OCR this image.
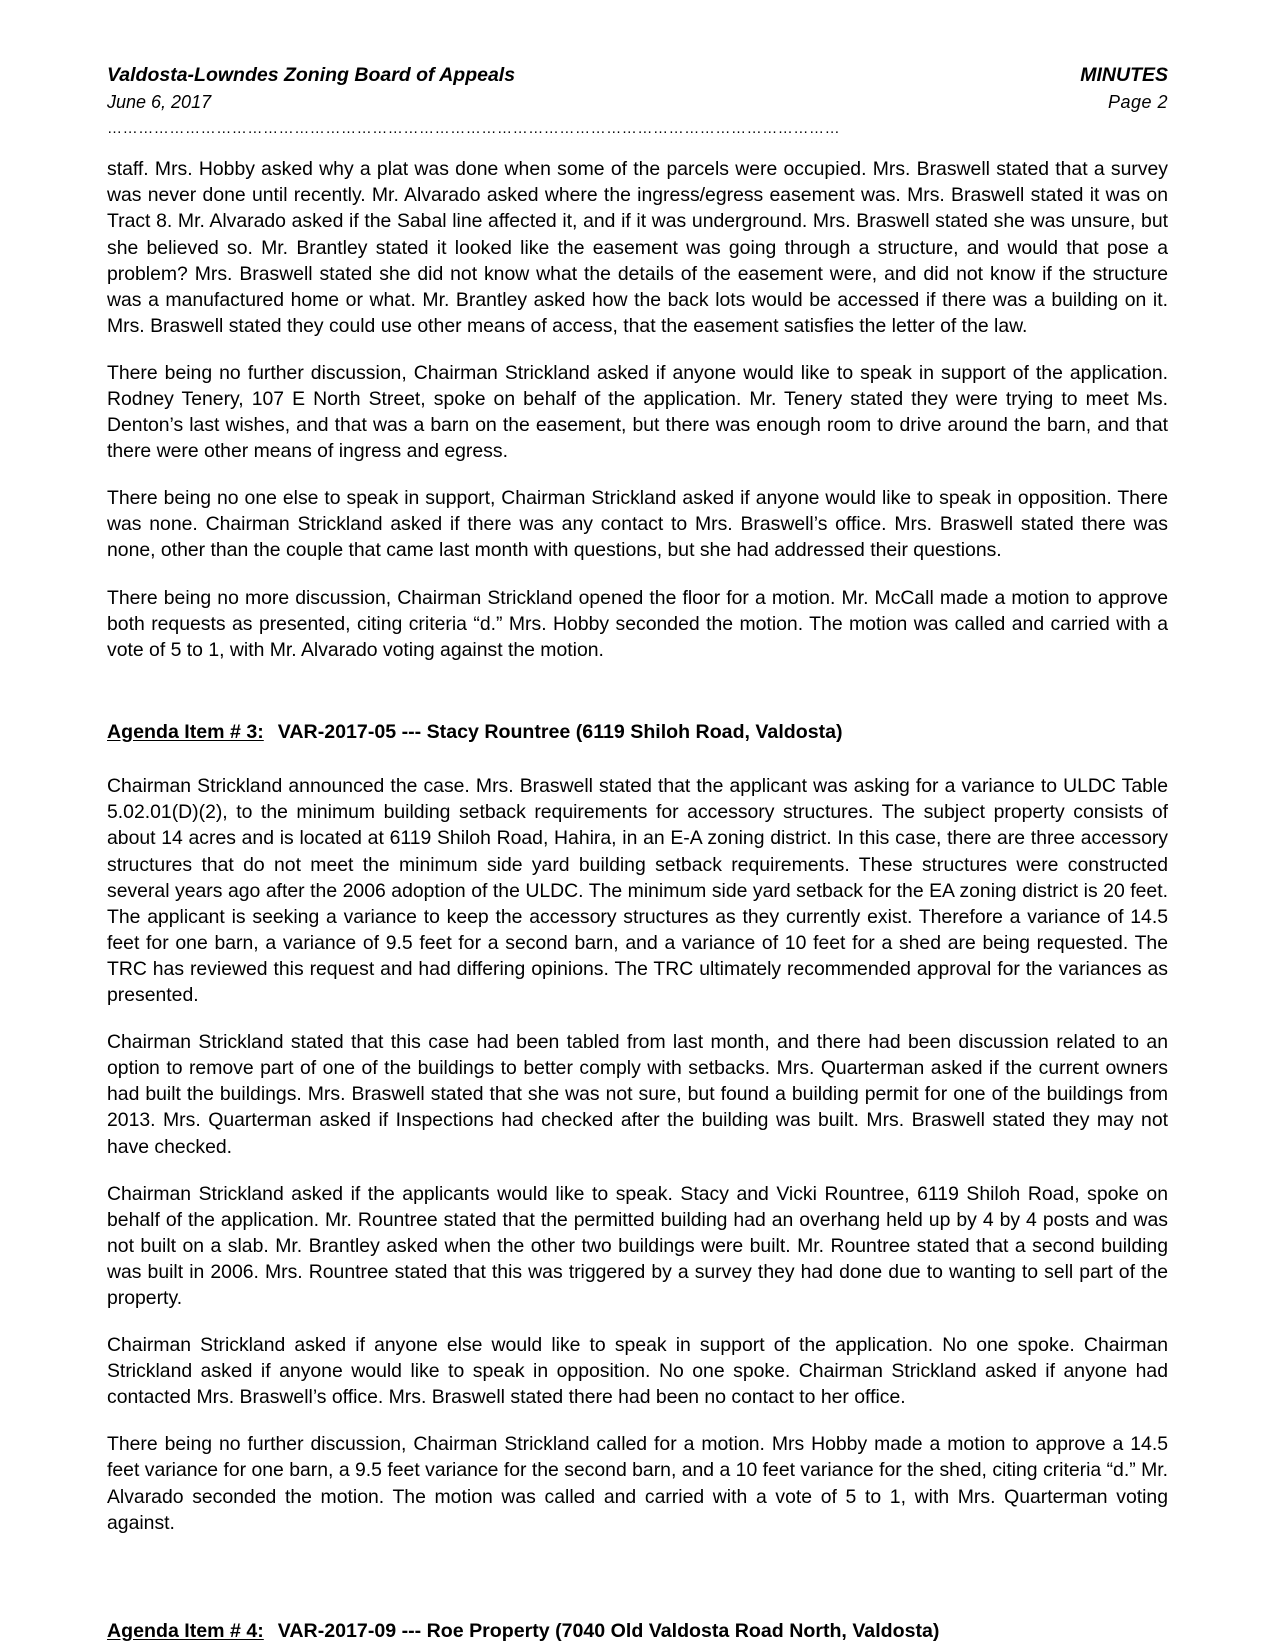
Valdosta-Lowndes Zoning Board of Appeals
June 6, 2017
MINUTES
Page 2
……………………………………………………………………………………………………………………………

staff. Mrs. Hobby asked why a plat was done when some of the parcels were occupied. Mrs. Braswell stated that a survey was never done until recently. Mr. Alvarado asked where the ingress/egress easement was. Mrs. Braswell stated it was on Tract 8. Mr. Alvarado asked if the Sabal line affected it, and if it was underground. Mrs. Braswell stated she was unsure, but she believed so. Mr. Brantley stated it looked like the easement was going through a structure, and would that pose a problem? Mrs. Braswell stated she did not know what the details of the easement were, and did not know if the structure was a manufactured home or what. Mr. Brantley asked how the back lots would be accessed if there was a building on it. Mrs. Braswell stated they could use other means of access, that the easement satisfies the letter of the law.

There being no further discussion, Chairman Strickland asked if anyone would like to speak in support of the application. Rodney Tenery, 107 E North Street, spoke on behalf of the application. Mr. Tenery stated they were trying to meet Ms. Denton’s last wishes, and that was a barn on the easement, but there was enough room to drive around the barn, and that there were other means of ingress and egress.

There being no one else to speak in support, Chairman Strickland asked if anyone would like to speak in opposition. There was none. Chairman Strickland asked if there was any contact to Mrs. Braswell’s office. Mrs. Braswell stated there was none, other than the couple that came last month with questions, but she had addressed their questions.

There being no more discussion, Chairman Strickland opened the floor for a motion. Mr. McCall made a motion to approve both requests as presented, citing criteria “d.” Mrs. Hobby seconded the motion. The motion was called and carried with a vote of 5 to 1, with Mr. Alvarado voting against the motion.

Agenda Item # 3: VAR-2017-05 --- Stacy Rountree (6119 Shiloh Road, Valdosta)

Chairman Strickland announced the case. Mrs. Braswell stated that the applicant was asking for a variance to ULDC Table 5.02.01(D)(2), to the minimum building setback requirements for accessory structures. The subject property consists of about 14 acres and is located at 6119 Shiloh Road, Hahira, in an E-A zoning district. In this case, there are three accessory structures that do not meet the minimum side yard building setback requirements. These structures were constructed several years ago after the 2006 adoption of the ULDC. The minimum side yard setback for the EA zoning district is 20 feet. The applicant is seeking a variance to keep the accessory structures as they currently exist. Therefore a variance of 14.5 feet for one barn, a variance of 9.5 feet for a second barn, and a variance of 10 feet for a shed are being requested. The TRC has reviewed this request and had differing opinions. The TRC ultimately recommended approval for the variances as presented.

Chairman Strickland stated that this case had been tabled from last month, and there had been discussion related to an option to remove part of one of the buildings to better comply with setbacks. Mrs. Quarterman asked if the current owners had built the buildings. Mrs. Braswell stated that she was not sure, but found a building permit for one of the buildings from 2013. Mrs. Quarterman asked if Inspections had checked after the building was built. Mrs. Braswell stated they may not have checked.

Chairman Strickland asked if the applicants would like to speak. Stacy and Vicki Rountree, 6119 Shiloh Road, spoke on behalf of the application. Mr. Rountree stated that the permitted building had an overhang held up by 4 by 4 posts and was not built on a slab. Mr. Brantley asked when the other two buildings were built. Mr. Rountree stated that a second building was built in 2006. Mrs. Rountree stated that this was triggered by a survey they had done due to wanting to sell part of the property.

Chairman Strickland asked if anyone else would like to speak in support of the application. No one spoke. Chairman Strickland asked if anyone would like to speak in opposition. No one spoke. Chairman Strickland asked if anyone had contacted Mrs. Braswell’s office. Mrs. Braswell stated there had been no contact to her office.

There being no further discussion, Chairman Strickland called for a motion. Mrs Hobby made a motion to approve a 14.5 feet variance for one barn, a 9.5 feet variance for the second barn, and a 10 feet variance for the shed, citing criteria “d.” Mr. Alvarado seconded the motion. The motion was called and carried with a vote of 5 to 1, with Mrs. Quarterman voting against.

Agenda Item # 4: VAR-2017-09 --- Roe Property (7040 Old Valdosta Road North, Valdosta)
